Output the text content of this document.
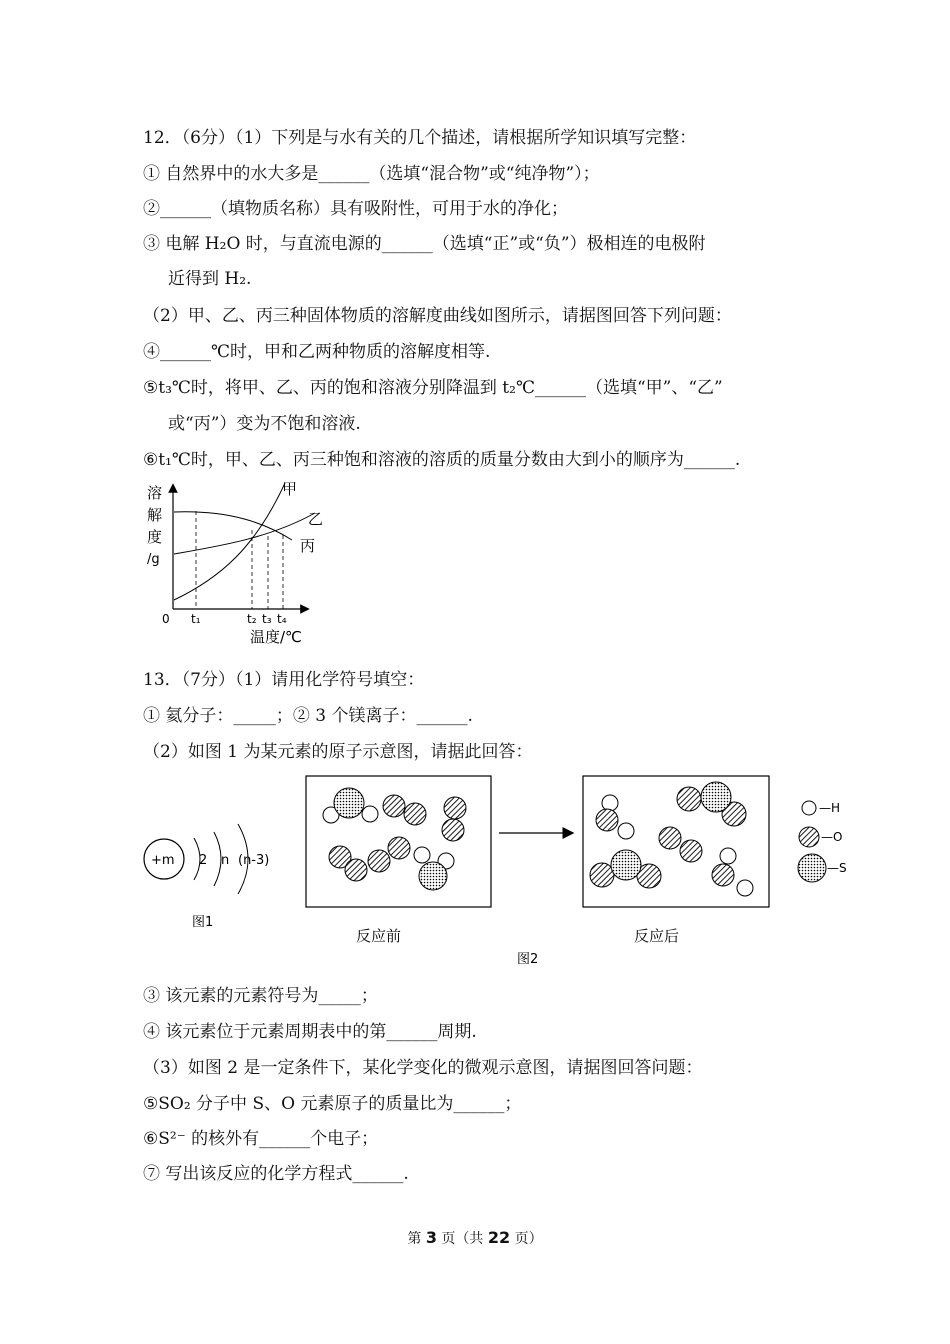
12．（6分）（1）下列是与水有关的几个描述，请根据所学知识填写完整：
① 自然界中的水大多是______（选填“混合物”或“纯净物”）；
②______（填物质名称）具有吸附性，可用于水的净化；
③ 电解 H₂O 时，与直流电源的______（选填“正”或“负”）极相连的电极附
近得到 H₂.
（2）甲、乙、丙三种固体物质的溶解度曲线如图所示，请据图回答下列问题：
④______℃时，甲和乙两种物质的溶解度相等.
⑤t₃℃时，将甲、乙、丙的饱和溶液分别降温到 t₂℃______（选填“甲”、“乙”
或“丙”）变为不饱和溶液.
⑥t₁℃时，甲、乙、丙三种饱和溶液的溶质的质量分数由大到小的顺序为______.
溶
解
度
/g
0 t₁	t₂ t₃ t₄
温度/℃
甲
乙
丙
13．（7分）（1）请用化学符号填空：
① 氦分子：_____；② 3 个镁离子：______.
（2）如图 1 为某元素的原子示意图，请据此回答：
+m 2 n (n-3)
图1
反应前	反应后
图2
—H
—O
—S
③ 该元素的元素符号为_____；
④ 该元素位于元素周期表中的第______周期.
（3）如图 2 是一定条件下，某化学变化的微观示意图，请据图回答问题：
⑤SO₂ 分子中 S、O 元素原子的质量比为______；
⑥S²⁻ 的核外有______个电子；
⑦ 写出该反应的化学方程式______.
第 3 页（共 22 页）
